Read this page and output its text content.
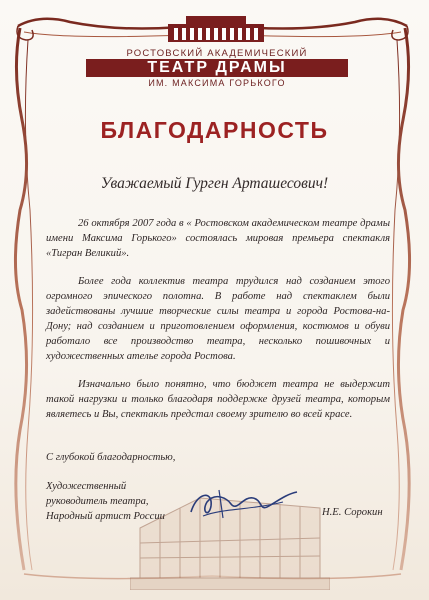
РОСТОВСКИЙ АКАДЕМИЧЕСКИЙ
ТЕАТР ДРАМЫ
ИМ. МАКСИМА ГОРЬКОГО
БЛАГОДАРНОСТЬ
Уважаемый Гурген Арташесович!

26 октября 2007 года в « Ростовском академическом театре драмы имени Максима Горького» состоялась мировая премьера спектакля «Тигран Великий».

Более года коллектив театра трудился над созданием этого огромного эпического полотна. В работе над спектаклем были задействованы лучшие творческие силы театра и города Ростова-на-Дону; над созданием и приготовлением оформления, костюмов и обуви работало все производство театра, несколько пошивочных и художественных ателье города Ростова.

Изначально было понятно, что бюджет театра не выдержит такой нагрузки и только благодаря поддержке друзей театра, которым являетесь и Вы, спектакль предстал своему зрителю во всей красе.

С глубокой благодарностью,
Художественный
руководитель театра,
Народный артист России	Н.Е. Сорокин
